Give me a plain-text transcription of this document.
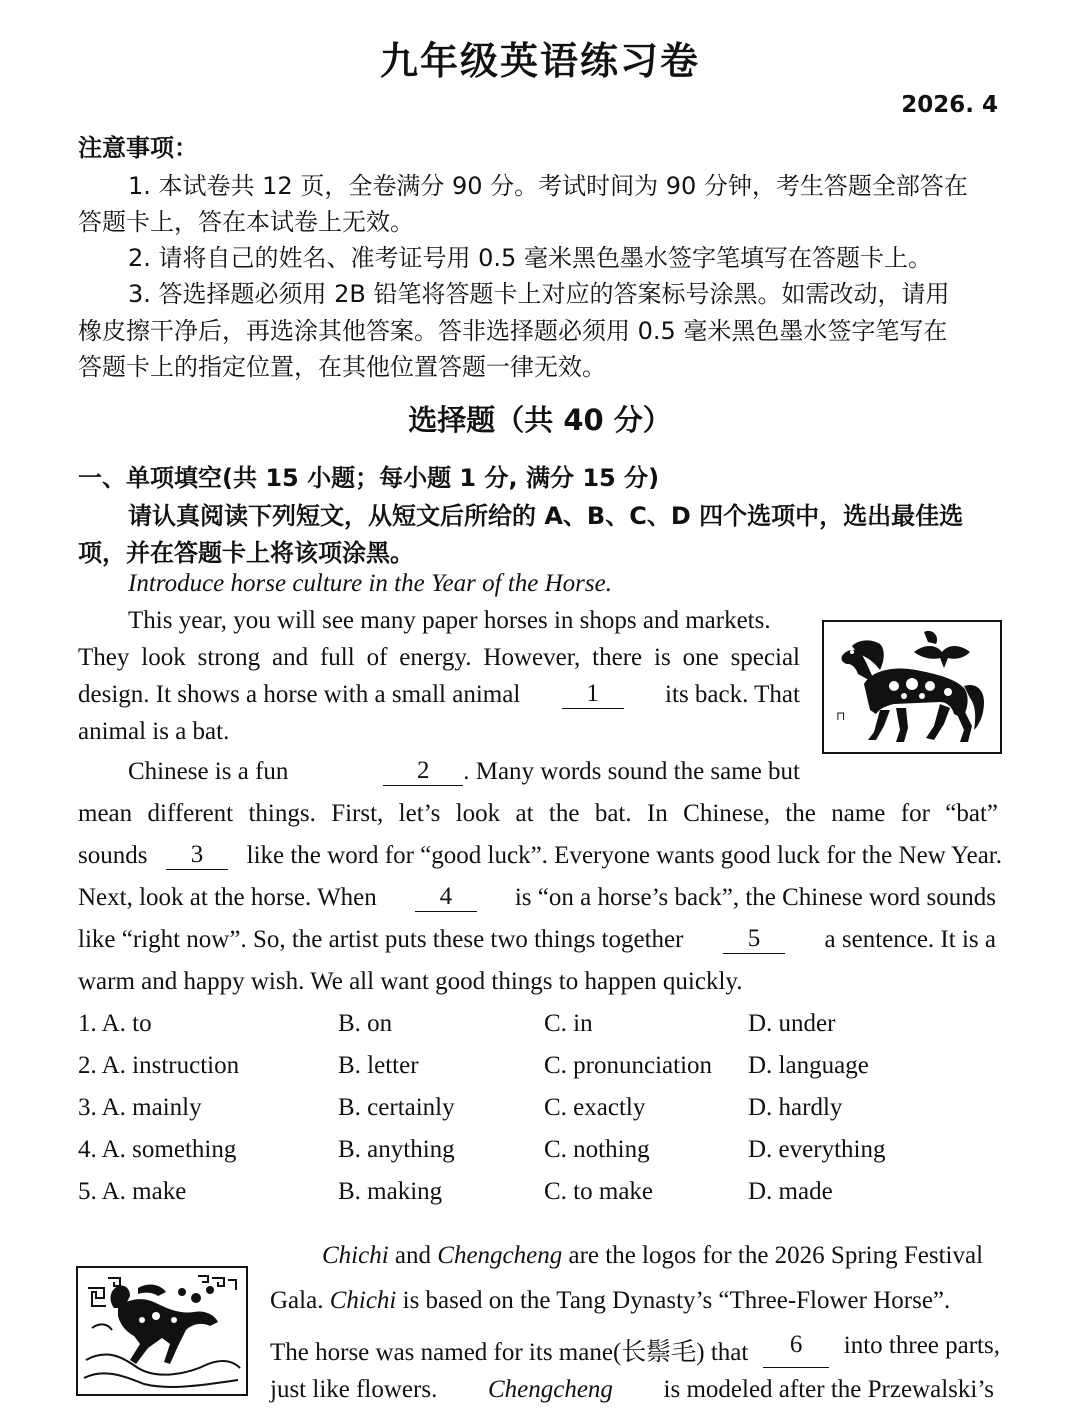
九年级英语练习卷
2026. 4
注意事项：
1. 本试卷共 12 页，全卷满分 90 分。考试时间为 90 分钟，考生答题全部答在
答题卡上，答在本试卷上无效。
2. 请将自己的姓名、准考证号用 0.5 毫米黑色墨水签字笔填写在答题卡上。
3. 答选择题必须用 2B 铅笔将答题卡上对应的答案标号涂黑。如需改动，请用
橡皮擦干净后，再选涂其他答案。答非选择题必须用 0.5 毫米黑色墨水签字笔写在
答题卡上的指定位置，在其他位置答题一律无效。
选择题（共 40 分）
一、单项填空(共 15 小题；每小题 1 分, 满分 15 分)
请认真阅读下列短文，从短文后所给的 A、B、C、D 四个选项中，选出最佳选
项，并在答题卡上将该项涂黑。
Introduce horse culture in the Year of the Horse.
This year, you will see many paper horses in shops and markets.
They look strong and full of energy. However, there is one special
design. It shows a horse with a small animal	1	its back. That
animal is a bat.
⊓
Chinese is a fun	2	. Many words sound the same but
mean different things. First, let’s look at the bat. In Chinese, the name for “bat”
sounds	3	like the word for “good luck”. Everyone wants good luck for the New Year.
Next, look at the horse. When	4	is “on a horse’s back”, the Chinese word sounds
like “right now”. So, the artist puts these two things together	5	a sentence. It is a
warm and happy wish. We all want good things to happen quickly.
1. A. to	B. on	C. in	D. under
2. A. instruction	B. letter	C. pronunciation D. language
3. A. mainly	B. certainly	C. exactly	D. hardly
4. A. something	B. anything	C. nothing	D. everything
5. A. make	B. making	C. to make	D. made
Chichi and Chengcheng are the logos for the 2026 Spring Festival
Gala. Chichi is based on the Tang Dynasty’s “Three-Flower Horse”.
The horse was named for its mane(长鬃毛) that	6	into three parts,
just like flowers. Chengcheng is modeled after the Przewalski’s
